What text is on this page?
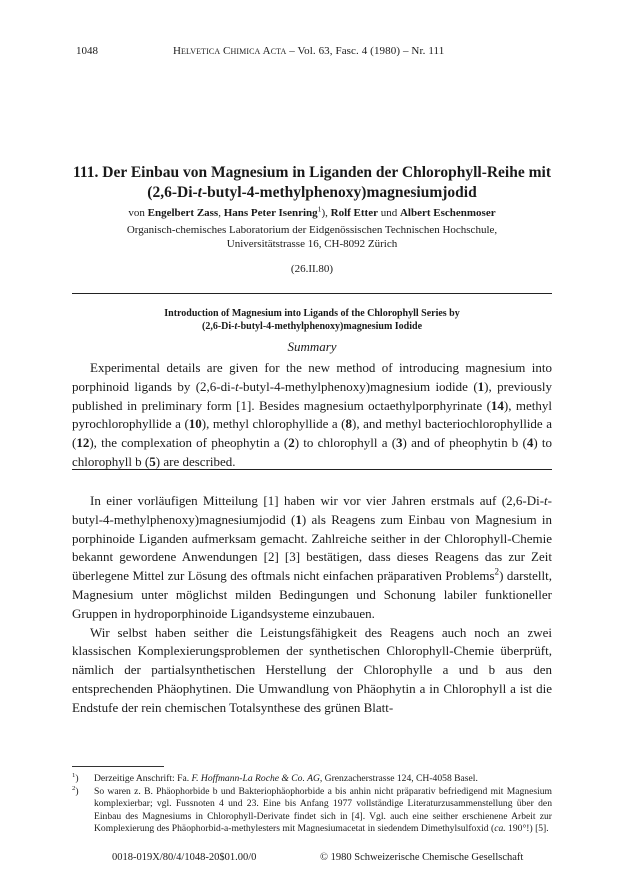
1048	Helvetica Chimica Acta – Vol. 63, Fasc. 4 (1980) – Nr. 111
111. Der Einbau von Magnesium in Liganden der Chlorophyll-Reihe mit
(2,6-Di-t-butyl-4-methylphenoxy)magnesiumjodid
von Engelbert Zass, Hans Peter Isenring$^1$), Rolf Etter und Albert Eschenmoser
Organisch-chemisches Laboratorium der Eidgenössischen Technischen Hochschule,
Universitätstrasse 16, CH-8092 Zürich
(26.II.80)
Introduction of Magnesium into Ligands of the Chlorophyll Series by
(2,6-Di-t-butyl-4-methylphenoxy)magnesium Iodide
Summary

Experimental details are given for the new method of introducing magnesium into porphinoid ligands by (2,6-di-t-butyl-4-methylphenoxy)magnesium iodide (1), previously published in preliminary form [1]. Besides magnesium octaethylporphyrinate (14), methyl pyrochlorophyllide a (10), methyl chlorophyllide a (8), and methyl bacteriochlorophyllide a (12), the complexation of pheophytin a (2) to chlorophyll a (3) and of pheophytin b (4) to chlorophyll b (5) are described.

In einer vorläufigen Mitteilung [1] haben wir vor vier Jahren erstmals auf (2,6-Di-t-butyl-4-methylphenoxy)magnesiumjodid (1) als Reagens zum Einbau von Magnesium in porphinoide Liganden aufmerksam gemacht. Zahlreiche seither in der Chlorophyll-Chemie bekannt gewordene Anwendungen [2] [3] bestätigen, dass dieses Reagens das zur Zeit überlegene Mittel zur Lösung des oftmals nicht einfachen präparativen Problems$^2$) darstellt, Magnesium unter möglichst milden Bedingungen und Schonung labiler funktioneller Gruppen in hydroporphinoide Ligandsysteme einzubauen.

Wir selbst haben seither die Leistungsfähigkeit des Reagens auch noch an zwei klassischen Komplexierungsproblemen der synthetischen Chlorophyll-Chemie überprüft, nämlich der partialsynthetischen Herstellung der Chlorophylle a und b aus den entsprechenden Phäophytinen. Die Umwandlung von Phäophytin a in Chlorophyll a ist die Endstufe der rein chemischen Totalsynthese des grünen Blatt-

$^1$) Derzeitige Anschrift: Fa. F. Hoffmann-La Roche & Co. AG, Grenzacherstrasse 124, CH-4058 Basel.
$^2$) So waren z. B. Phäophorbide b und Bakteriophäophorbide a bis anhin nicht präparativ befriedigend mit Magnesium komplexierbar; vgl. Fussnoten 4 und 23. Eine bis Anfang 1977 vollständige Literaturzusammenstellung über den Einbau des Magnesiums in Chlorophyll-Derivate findet sich in [4]. Vgl. auch eine seither erschienene Arbeit zur Komplexierung des Phäophorbid-a-methylesters mit Magnesiumacetat in siedendem Dimethylsulfoxid (ca. 190°!) [5].
0018-019X/80/4/1048-20$01.00/0	© 1980 Schweizerische Chemische Gesellschaft
